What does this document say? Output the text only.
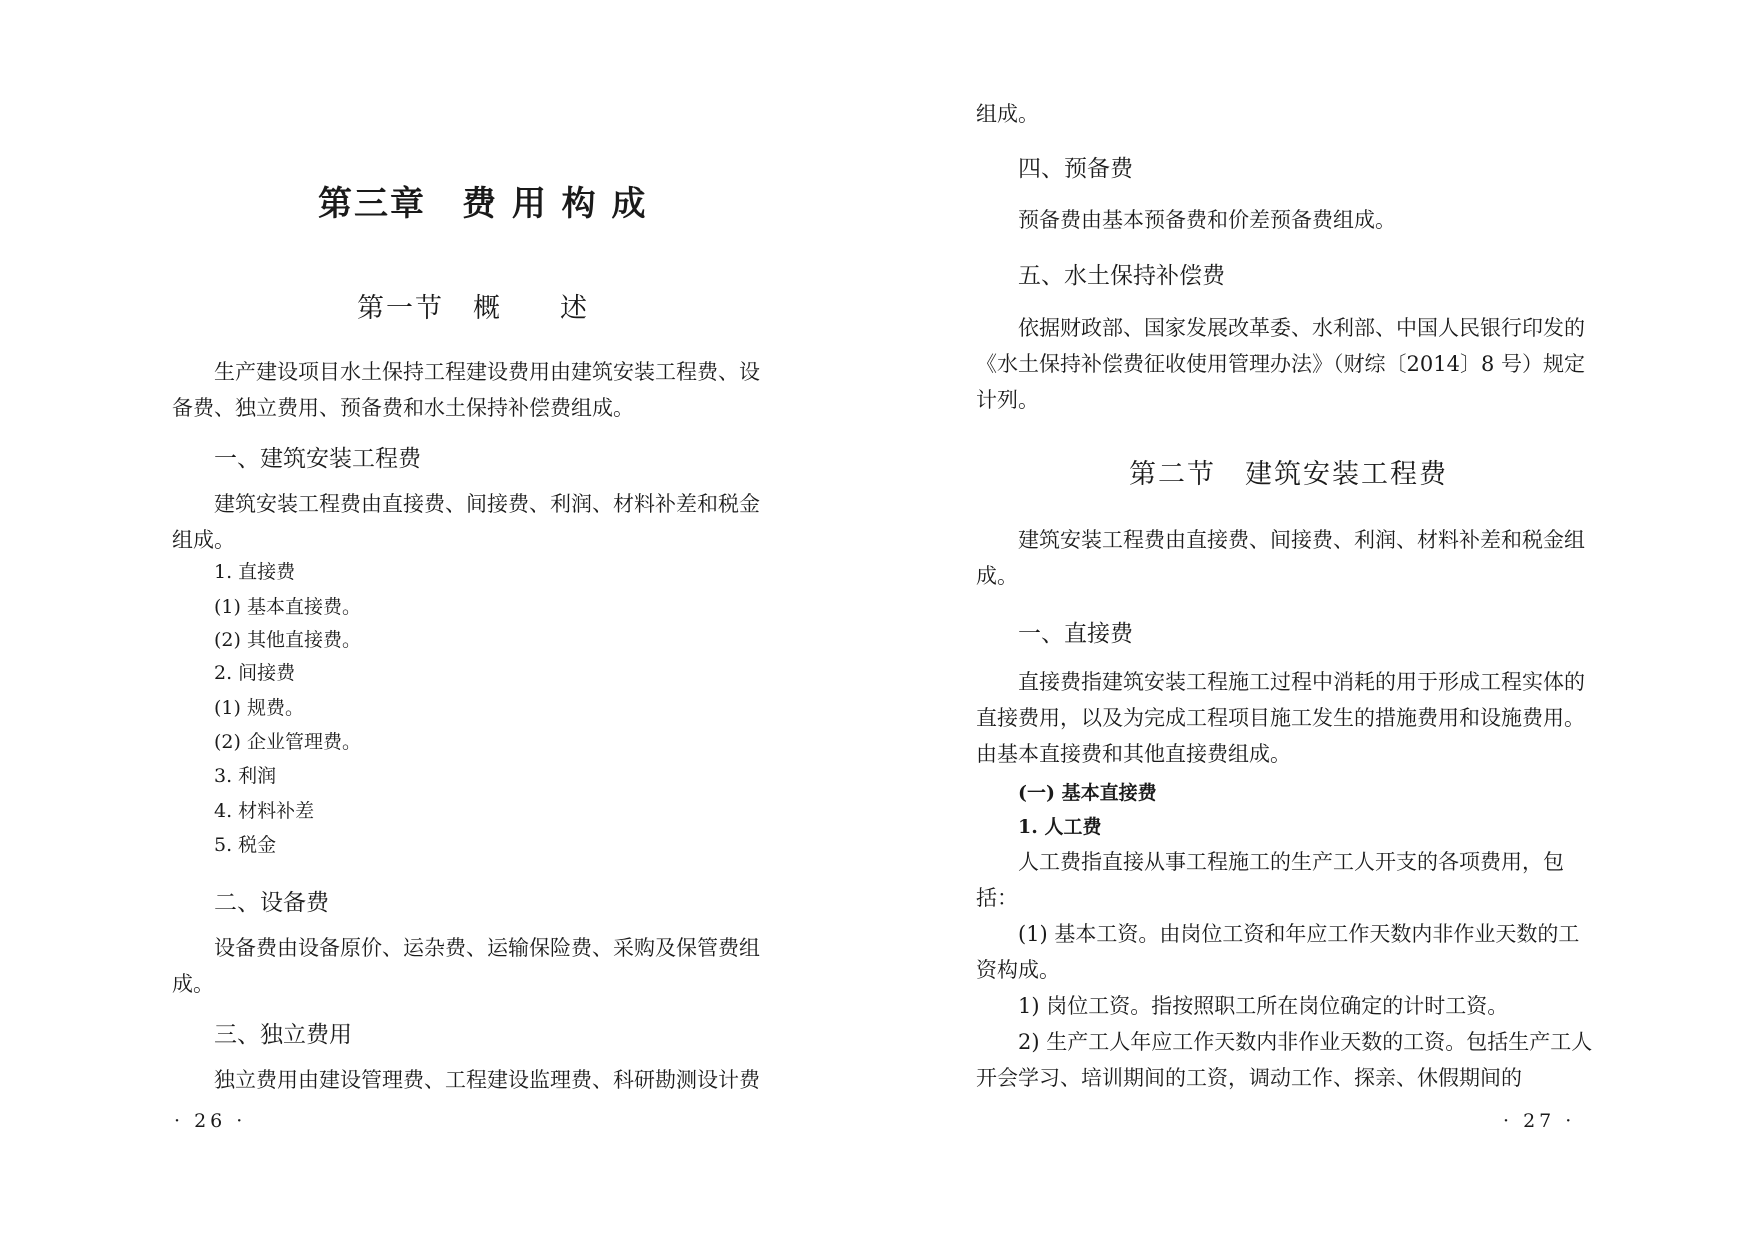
第三章　费 用 构 成
第一节　概　　述

生产建设项目水土保持工程建设费用由建筑安装工程费、设备费、独立费用、预备费和水土保持补偿费组成。

一、建筑安装工程费

建筑安装工程费由直接费、间接费、利润、材料补差和税金组成。

1. 直接费
(1) 基本直接费。
(2) 其他直接费。
2. 间接费
(1) 规费。
(2) 企业管理费。
3. 利润
4. 材料补差
5. 税金
二、设备费

设备费由设备原价、运杂费、运输保险费、采购及保管费组成。

三、独立费用

独立费用由建设管理费、工程建设监理费、科研勘测设计费

· 26 ·

组成。

四、预备费

预备费由基本预备费和价差预备费组成。

五、水土保持补偿费

依据财政部、国家发展改革委、水利部、中国人民银行印发的《水土保持补偿费征收使用管理办法》（财综〔2014〕8 号）规定计列。

第二节　建筑安装工程费

建筑安装工程费由直接费、间接费、利润、材料补差和税金组成。

一、直接费

直接费指建筑安装工程施工过程中消耗的用于形成工程实体的直接费用，以及为完成工程项目施工发生的措施费用和设施费用。由基本直接费和其他直接费组成。

(一) 基本直接费
1. 人工费

人工费指直接从事工程施工的生产工人开支的各项费用，包括：

(1) 基本工资。由岗位工资和年应工作天数内非作业天数的工资构成。

1) 岗位工资。指按照职工所在岗位确定的计时工资。

2) 生产工人年应工作天数内非作业天数的工资。包括生产工人开会学习、培训期间的工资，调动工作、探亲、休假期间的

· 27 ·
